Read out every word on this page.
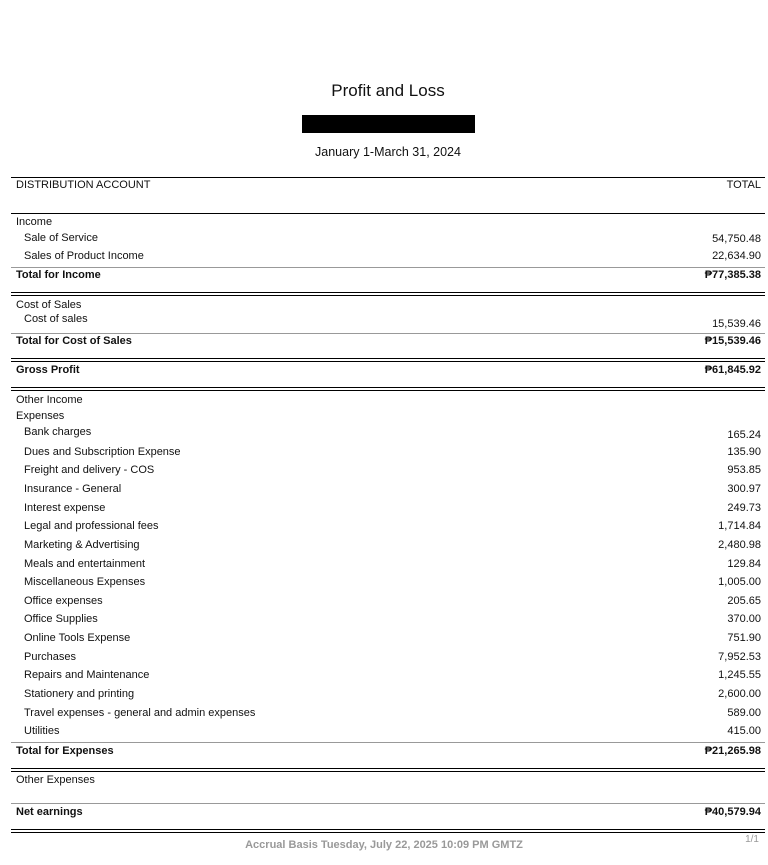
Profit and Loss
January 1-March 31, 2024
DISTRIBUTION ACCOUNT	TOTAL
Income
Sale of Service	54,750.48
Sales of Product Income	22,634.90
Total for Income	₱77,385.38
Cost of Sales
Cost of sales	15,539.46
Total for Cost of Sales	₱15,539.46
Gross Profit	₱61,845.92
Other Income
Expenses
Bank charges	165.24
Dues and Subscription Expense	135.90
Freight and delivery - COS	953.85
Insurance - General	300.97
Interest expense	249.73
Legal and professional fees	1,714.84
Marketing & Advertising	2,480.98
Meals and entertainment	129.84
Miscellaneous Expenses	1,005.00
Office expenses	205.65
Office Supplies	370.00
Online Tools Expense	751.90
Purchases	7,952.53
Repairs and Maintenance	1,245.55
Stationery and printing	2,600.00
Travel expenses - general and admin expenses	589.00
Utilities	415.00
Total for Expenses	₱21,265.98
Other Expenses
Net earnings	₱40,579.94
Accrual Basis Tuesday, July 22, 2025 10:09 PM GMTZ	1/1
